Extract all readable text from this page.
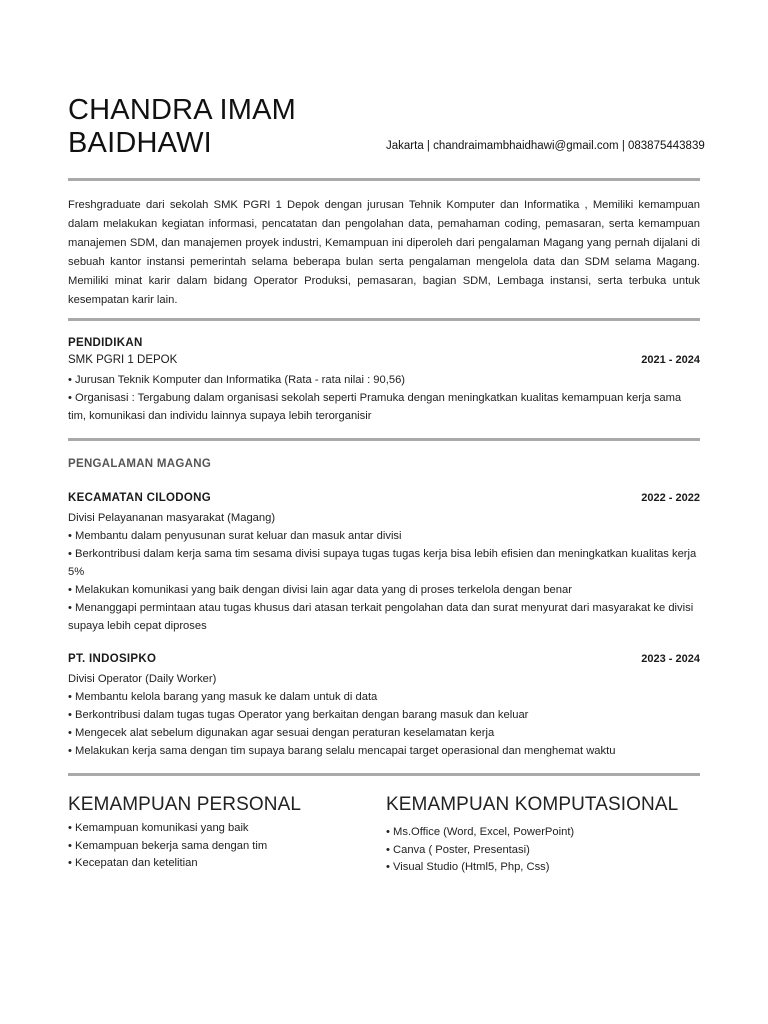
CHANDRA IMAM
BAIDHAWI	Jakarta | chandraimambhaidhawi@gmail.com | 083875443839

Freshgraduate dari sekolah SMK PGRI 1 Depok dengan jurusan Tehnik Komputer dan Informatika , Memiliki kemampuan dalam melakukan kegiatan informasi, pencatatan dan pengolahan data, pemahaman coding, pemasaran, serta kemampuan manajemen SDM, dan manajemen proyek industri, Kemampuan ini diperoleh dari pengalaman Magang yang pernah dijalani di sebuah kantor instansi pemerintah selama beberapa bulan serta pengalaman mengelola data dan SDM selama Magang. Memiliki minat karir dalam bidang Operator Produksi, pemasaran, bagian SDM, Lembaga instansi, serta terbuka untuk kesempatan karir lain.

PENDIDIKAN
SMK PGRI 1 DEPOK	2021 - 2024
• Jurusan Teknik Komputer dan Informatika (Rata - rata nilai : 90,56)
• Organisasi : Tergabung dalam organisasi sekolah seperti Pramuka dengan meningkatkan kualitas kemampuan kerja sama tim, komunikasi dan individu lainnya supaya lebih terorganisir
PENGALAMAN MAGANG
KECAMATAN CILODONG	2022 - 2022
Divisi Pelayananan masyarakat (Magang)
• Membantu dalam penyusunan surat keluar dan masuk antar divisi
• Berkontribusi dalam kerja sama tim sesama divisi supaya tugas tugas kerja bisa lebih efisien dan meningkatkan kualitas kerja 5%
• Melakukan komunikasi yang baik dengan divisi lain agar data yang di proses terkelola dengan benar
• Menanggapi permintaan atau tugas khusus dari atasan terkait pengolahan data dan surat menyurat dari masyarakat ke divisi supaya lebih cepat diproses
PT. INDOSIPKO	2023 - 2024
Divisi Operator (Daily Worker)
• Membantu kelola barang yang masuk ke dalam untuk di data
• Berkontribusi dalam tugas tugas Operator yang berkaitan dengan barang masuk dan keluar
• Mengecek alat sebelum digunakan agar sesuai dengan peraturan keselamatan kerja
• Melakukan kerja sama dengan tim supaya barang selalu mencapai target operasional dan menghemat waktu
KEMAMPUAN PERSONAL
• Kemampuan komunikasi yang baik
• Kemampuan bekerja sama dengan tim
• Kecepatan dan ketelitian
KEMAMPUAN KOMPUTASIONAL
• Ms.Office (Word, Excel, PowerPoint)
• Canva ( Poster, Presentasi)
• Visual Studio (Html5, Php, Css)
